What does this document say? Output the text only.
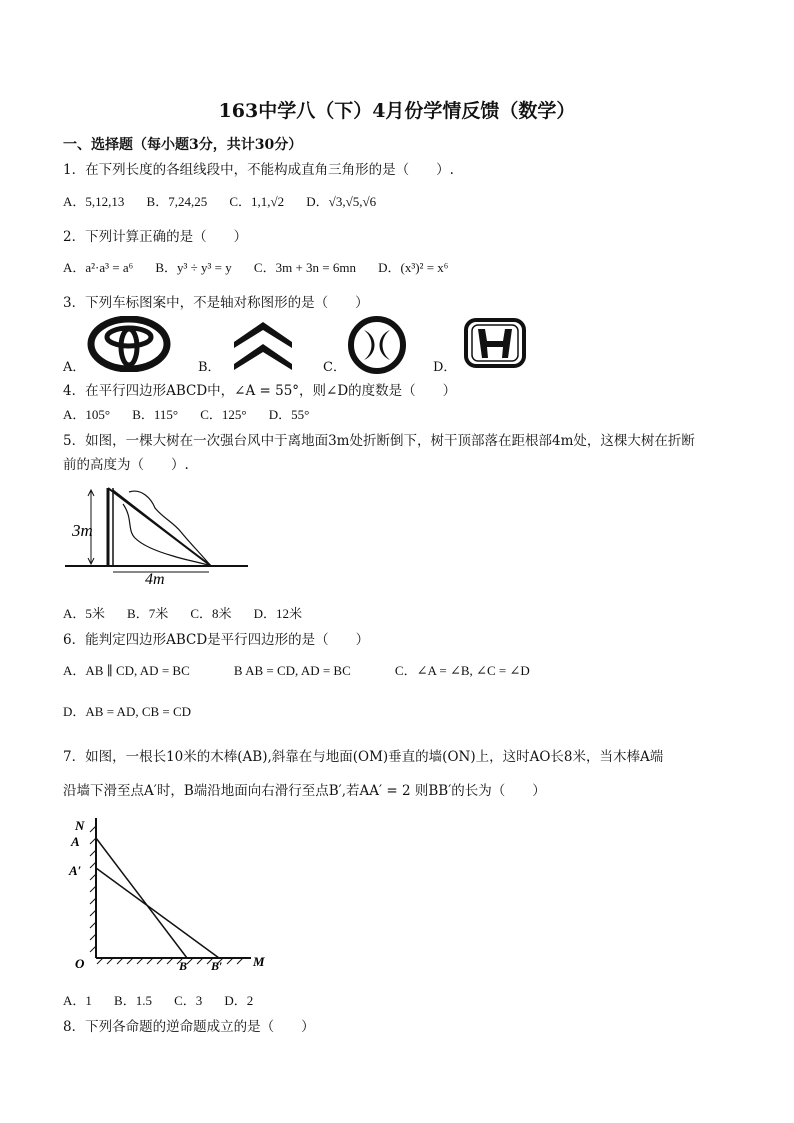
163中学八（下）4月份学情反馈（数学）
一、选择题（每小题3分，共计30分）
1．在下列长度的各组线段中，不能构成直角三角形的是（　　）.
A．5,12,13 B．7,24,25 C．1,1,√2 D．√3,√5,√6
2．下列计算正确的是（　　）
A．a²·a³ = a⁶ B．y³ ÷ y³ = y C．3m + 3n = 6mn D．(x³)² = x⁶
3．下列车标图案中，不是轴对称图形的是（　　）
A．	B．	C．	D．
4．在平行四边形ABCD中，∠A = 55°，则∠D的度数是（　　）
A．105° B．115° C．125° D．55°
5．如图，一棵大树在一次强台风中于离地面3m处折断倒下，树干顶部落在距根部4m处，这棵大树在折断
前的高度为（　　）.
3m
4m
A．5米 B．7米 C．8米 D．12米
6．能判定四边形ABCD是平行四边形的是（　　）
A．AB ∥ CD, AD = BC	B AB = CD, AD = BC	C．∠A = ∠B, ∠C = ∠D
D．AB = AD, CB = CD
7．如图，一根长10米的木棒(AB),斜靠在与地面(OM)垂直的墙(ON)上，这时AO长8米，当木棒A端
沿墙下滑至点A′时，B端沿地面向右滑行至点B′,若AA′ = 2 则BB′的长为（　　）
N
A
A′
O	B B′ M
A．1 B．1.5 C．3 D．2
8．下列各命题的逆命题成立的是（　　）
